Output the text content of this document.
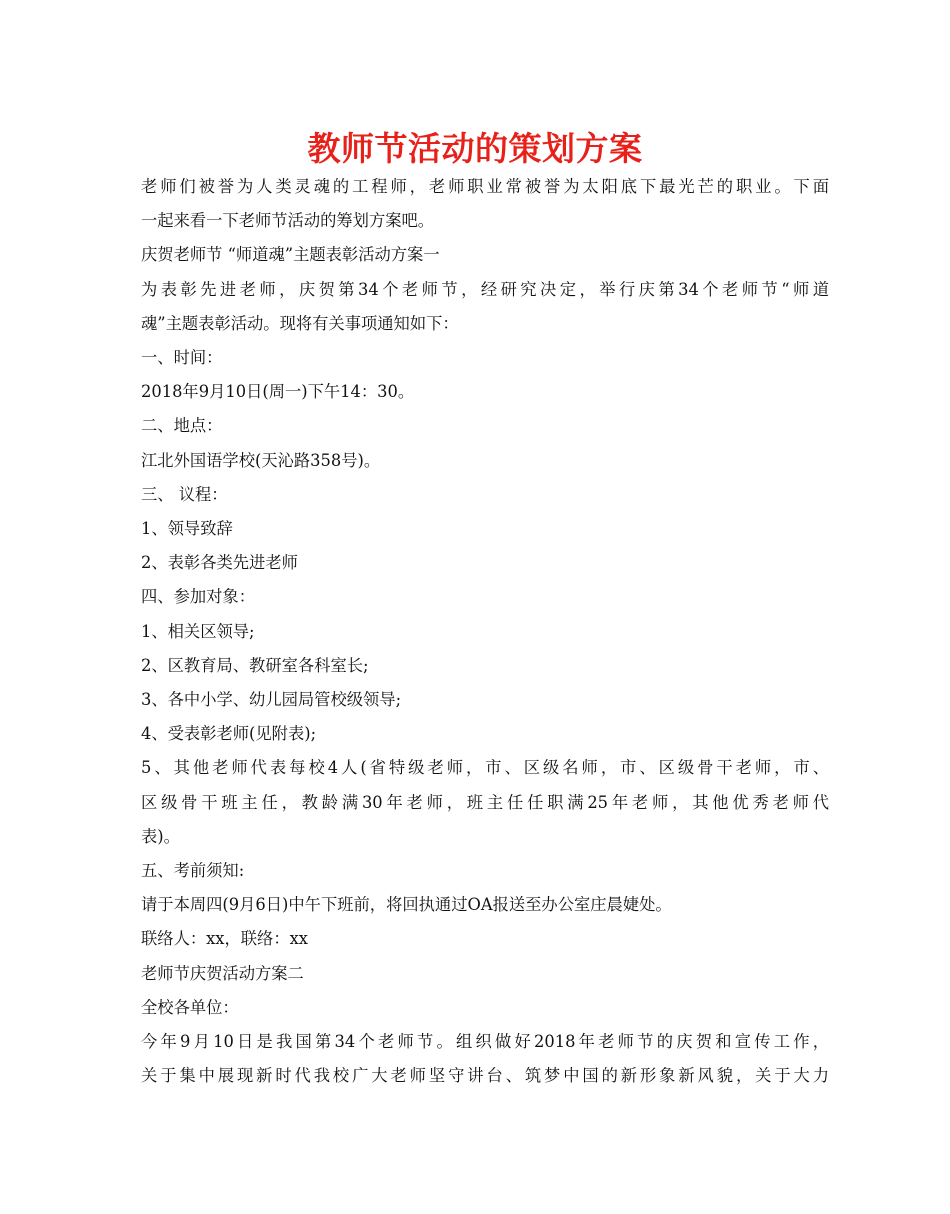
教师节活动的策划方案
老师们被誉为人类灵魂的工程师，老师职业常被誉为太阳底下最光芒的职业。下面
一起来看一下老师节活动的筹划方案吧。
庆贺老师节 “师道魂”主题表彰活动方案一
为表彰先进老师，庆贺第34个老师节，经研究决定，举行庆第34个老师节“师道
魂”主题表彰活动。现将有关事项通知如下：
一、时间：
2018年9月10日(周一)下午14：30。
二、地点：
江北外国语学校(天沁路358号)。
三、 议程：
1、领导致辞
2、表彰各类先进老师
四、参加对象：
1、相关区领导;
2、区教育局、教研室各科室长;
3、各中小学、幼儿园局管校级领导;
4、受表彰老师(见附表);
5、其他老师代表每校4人(省特级老师，市、区级名师，市、区级骨干老师，市、
区级骨干班主任，教龄满30年老师，班主任任职满25年老师，其他优秀老师代
表)。
五、考前须知:
请于本周四(9月6日)中午下班前，将回执通过OA报送至办公室庄晨婕处。
联络人：xx，联络：xx
老师节庆贺活动方案二
全校各单位：
今年9月10日是我国第34个老师节。组织做好2018年老师节的庆贺和宣传工作，
关于集中展现新时代我校广大老师坚守讲台、筑梦中国的新形象新风貌，关于大力
